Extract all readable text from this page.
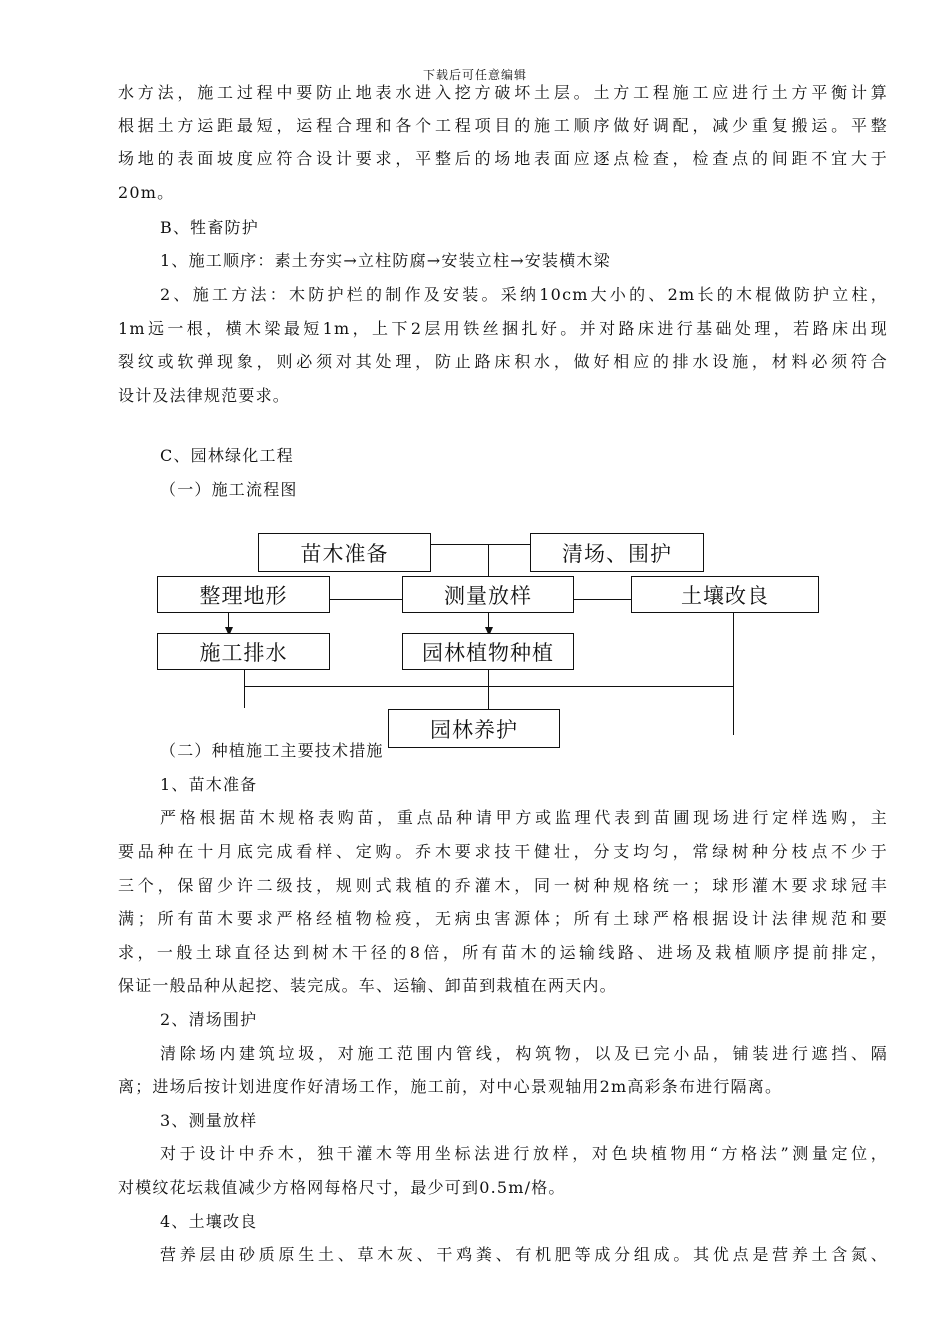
下载后可任意编辑
水方法，施工过程中要防止地表水进入挖方破坏土层。土方工程施工应进行土方平衡计算
根据土方运距最短，运程合理和各个工程项目的施工顺序做好调配，减少重复搬运。平整
场地的表面坡度应符合设计要求，平整后的场地表面应逐点检查，检查点的间距不宜大于
20m。
B、牲畜防护
1、施工顺序：素土夯实→立柱防腐→安装立柱→安装横木梁
2、施工方法：木防护栏的制作及安装。采纳10cm大小的、2m长的木棍做防护立柱，
1m远一根，横木梁最短1m，上下2层用铁丝捆扎好。并对路床进行基础处理，若路床出现
裂纹或软弹现象，则必须对其处理，防止路床积水，做好相应的排水设施，材料必须符合
设计及法律规范要求。
C、园林绿化工程
（一）施工流程图
苗木准备	清场、围护
整理地形	测量放样	土壤改良
施工排水	园林植物种植
园林养护
（二）种植施工主要技术措施
1、苗木准备
严格根据苗木规格表购苗，重点品种请甲方或监理代表到苗圃现场进行定样选购，主
要品种在十月底完成看样、定购。乔木要求技干健壮，分支均匀，常绿树种分枝点不少于
三个，保留少许二级技，规则式栽植的乔灌木，同一树种规格统一；球形灌木要求球冠丰
满；所有苗木要求严格经植物检疫，无病虫害源体；所有土球严格根据设计法律规范和要
求，一般土球直径达到树木干径的8倍，所有苗木的运输线路、进场及栽植顺序提前排定，
保证一般品种从起挖、装完成。车、运输、卸苗到栽植在两天内。
2、清场围护
清除场内建筑垃圾，对施工范围内管线，构筑物，以及已完小品，铺装进行遮挡、隔
离；进场后按计划进度作好清场工作，施工前，对中心景观轴用2m高彩条布进行隔离。
3、测量放样
对于设计中乔木，独干灌木等用坐标法进行放样，对色块植物用“方格法”测量定位，
对模纹花坛栽值减少方格网每格尺寸，最少可到0.5m/格。
4、土壤改良
营养层由砂质原生土、草木灰、干鸡粪、有机肥等成分组成。其优点是营养土含氮、
